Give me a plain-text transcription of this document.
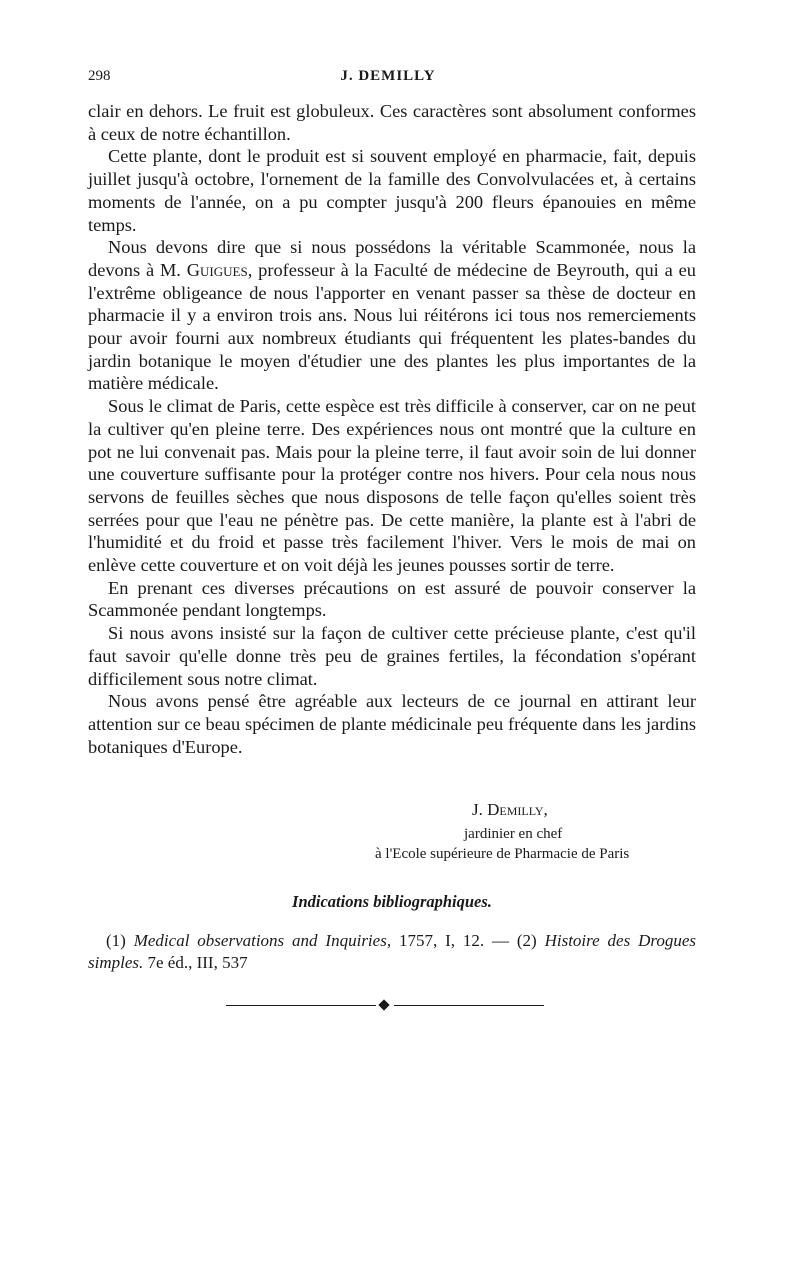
298	J. DEMILLY

clair en dehors. Le fruit est globuleux. Ces caractères sont absolument conformes à ceux de notre échantillon.

Cette plante, dont le produit est si souvent employé en pharmacie, fait, depuis juillet jusqu'à octobre, l'ornement de la famille des Convolvulacées et, à certains moments de l'année, on a pu compter jusqu'à 200 fleurs épanouies en même temps.

Nous devons dire que si nous possédons la véritable Scammonée, nous la devons à M. Guigues, professeur à la Faculté de médecine de Beyrouth, qui a eu l'extrême obligeance de nous l'apporter en venant passer sa thèse de docteur en pharmacie il y a environ trois ans. Nous lui réitérons ici tous nos remerciements pour avoir fourni aux nombreux étudiants qui fréquentent les plates-bandes du jardin botanique le moyen d'étudier une des plantes les plus importantes de la matière médicale.

Sous le climat de Paris, cette espèce est très difficile à conserver, car on ne peut la cultiver qu'en pleine terre. Des expériences nous ont montré que la culture en pot ne lui convenait pas. Mais pour la pleine terre, il faut avoir soin de lui donner une couverture suffisante pour la protéger contre nos hivers. Pour cela nous nous servons de feuilles sèches que nous disposons de telle façon qu'elles soient très serrées pour que l'eau ne pénètre pas. De cette manière, la plante est à l'abri de l'humidité et du froid et passe très facilement l'hiver. Vers le mois de mai on enlève cette couverture et on voit déjà les jeunes pousses sortir de terre.

En prenant ces diverses précautions on est assuré de pouvoir conserver la Scammonée pendant longtemps.

Si nous avons insisté sur la façon de cultiver cette précieuse plante, c'est qu'il faut savoir qu'elle donne très peu de graines fertiles, la fécondation s'opérant difficilement sous notre climat.

Nous avons pensé être agréable aux lecteurs de ce journal en attirant leur attention sur ce beau spécimen de plante médicinale peu fréquente dans les jardins botaniques d'Europe.

J. Demilly,
jardinier en chef
à l'Ecole supérieure de Pharmacie de Paris
Indications bibliographiques.

(1) Medical observations and Inquiries, 1757, I, 12. — (2) Histoire des Drogues simples. 7e éd., III, 537
